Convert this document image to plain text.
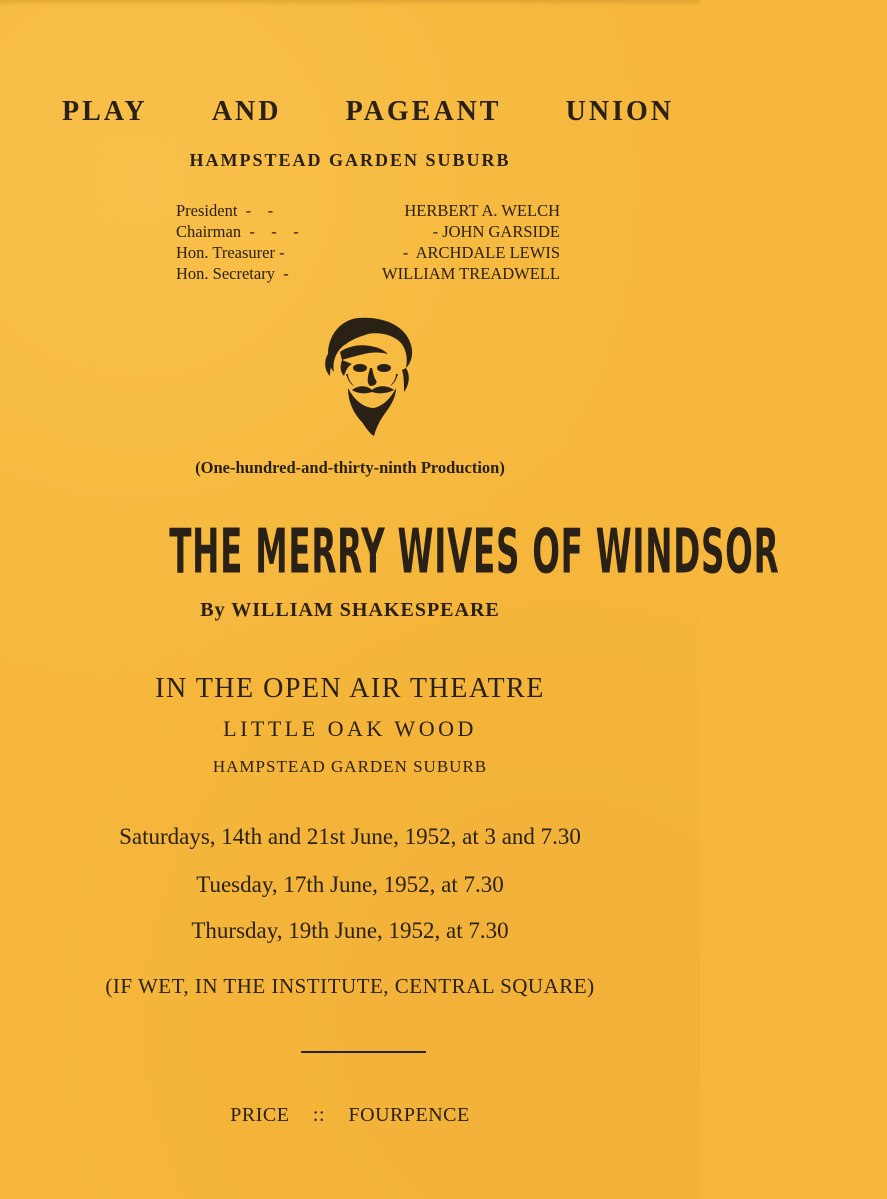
PLAY AND PAGEANT UNION
HAMPSTEAD GARDEN SUBURB
President  -    -	HERBERT A. WELCH
Chairman  -    -    -	- JOHN GARSIDE
Hon. Treasurer -	-  ARCHDALE LEWIS
Hon. Secretary  -	WILLIAM TREADWELL
(One-hundred-and-thirty-ninth Production)
THE MERRY WIVES OF WINDSOR
By WILLIAM SHAKESPEARE
IN THE OPEN AIR THEATRE
LITTLE OAK WOOD
HAMPSTEAD GARDEN SUBURB
Saturdays, 14th and 21st June, 1952, at 3 and 7.30
Tuesday, 17th June, 1952, at 7.30
Thursday, 19th June, 1952, at 7.30
(IF WET, IN THE INSTITUTE, CENTRAL SQUARE)
PRICE :: FOURPENCE
